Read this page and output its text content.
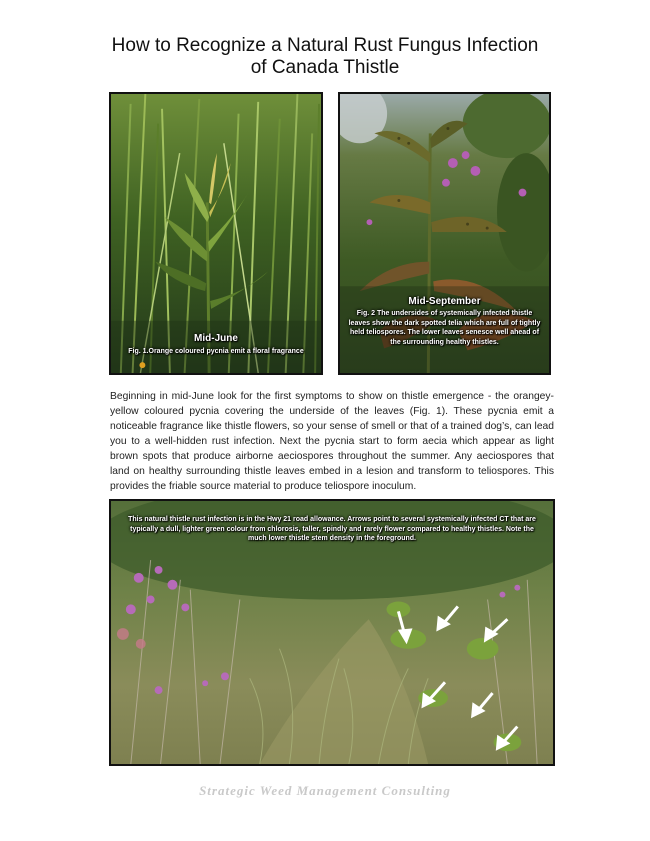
How to Recognize a Natural Rust Fungus Infection
of Canada Thistle
Mid-June
Fig. 1.Orange coloured pycnia emit a floral fragrance
Mid-September
Fig. 2 The undersides of systemically infected thistle leaves show the dark spotted telia which are full of tightly held teliospores. The lower leaves senesce well ahead of the surrounding healthy thistles.

Beginning in mid-June look for the first symptoms to show on thistle emergence - the orangey-yellow coloured pycnia covering the underside of the leaves (Fig. 1). These pycnia emit a noticeable fragrance like thistle flowers, so your sense of smell or that of a trained dog’s, can lead you to a well-hidden rust infection. Next the pycnia start to form aecia which appear as light brown spots that produce airborne aeciospores throughout the summer. Any aeciospores that land on healthy surrounding thistle leaves embed in a lesion and transform to teliospores. This provides the friable source material to produce teliospore inoculum.

This natural thistle rust infection is in the Hwy 21 road allowance. Arrows point to several systemically infected CT that are typically a dull, lighter green colour from chlorosis, taller, spindly and rarely flower compared to healthy thistles. Note the much lower thistle stem density in the foreground.
Strategic Weed Management Consulting
